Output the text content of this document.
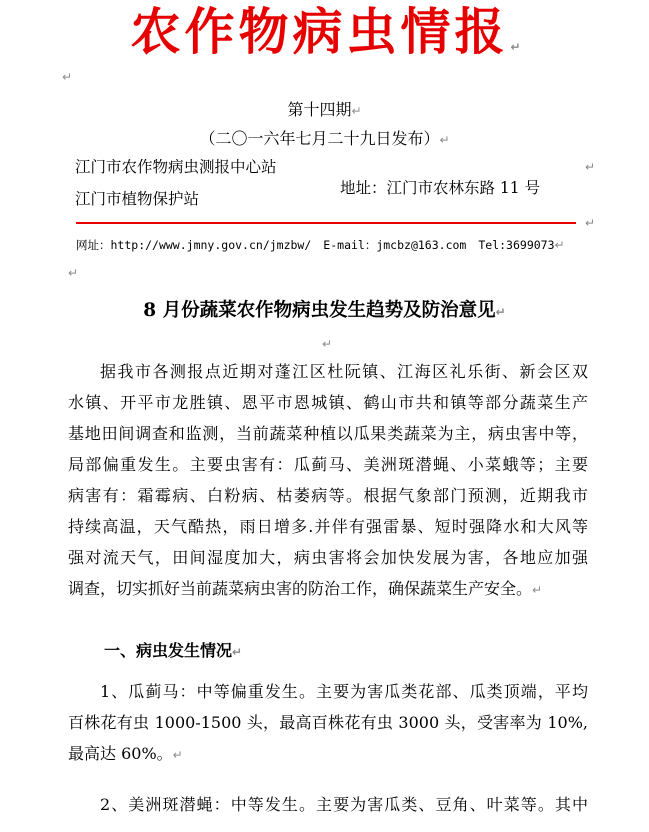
农作物病虫情报 ↵
↵
第十四期↵
（二〇一六年七月二十九日发布）↵
江门市农作物病虫测报中心站
江门市植物保护站
地址：江门市农林东路 11 号
↵
↵
网址：http://www.jmny.gov.cn/jmzbw/ E-mail：jmcbz@163.com Tel:3699073↵
↵
8 月份蔬菜农作物病虫发生趋势及防治意见↵
↵
据我市各测报点近期对蓬江区杜阮镇、江海区礼乐街、新会区双
水镇、开平市龙胜镇、恩平市恩城镇、鹤山市共和镇等部分蔬菜生产
基地田间调查和监测，当前蔬菜种植以瓜果类蔬菜为主，病虫害中等，
局部偏重发生。主要虫害有：瓜蓟马、美洲斑潜蝇、小菜蛾等；主要
病害有：霜霉病、白粉病、枯萎病等。根据气象部门预测，近期我市
持续高温，天气酷热，雨日增多.并伴有强雷暴、短时强降水和大风等
强对流天气，田间湿度加大，病虫害将会加快发展为害，各地应加强
调查，切实抓好当前蔬菜病虫害的防治工作，确保蔬菜生产安全。↵
一、病虫发生情况↵
1、瓜蓟马：中等偏重发生。主要为害瓜类花部、瓜类顶端，平均
百株花有虫 1000-1500 头，最高百株花有虫 3000 头，受害率为 10%,
最高达 60%。↵
2、美洲斑潜蝇：中等发生。主要为害瓜类、豆角、叶菜等。其中
